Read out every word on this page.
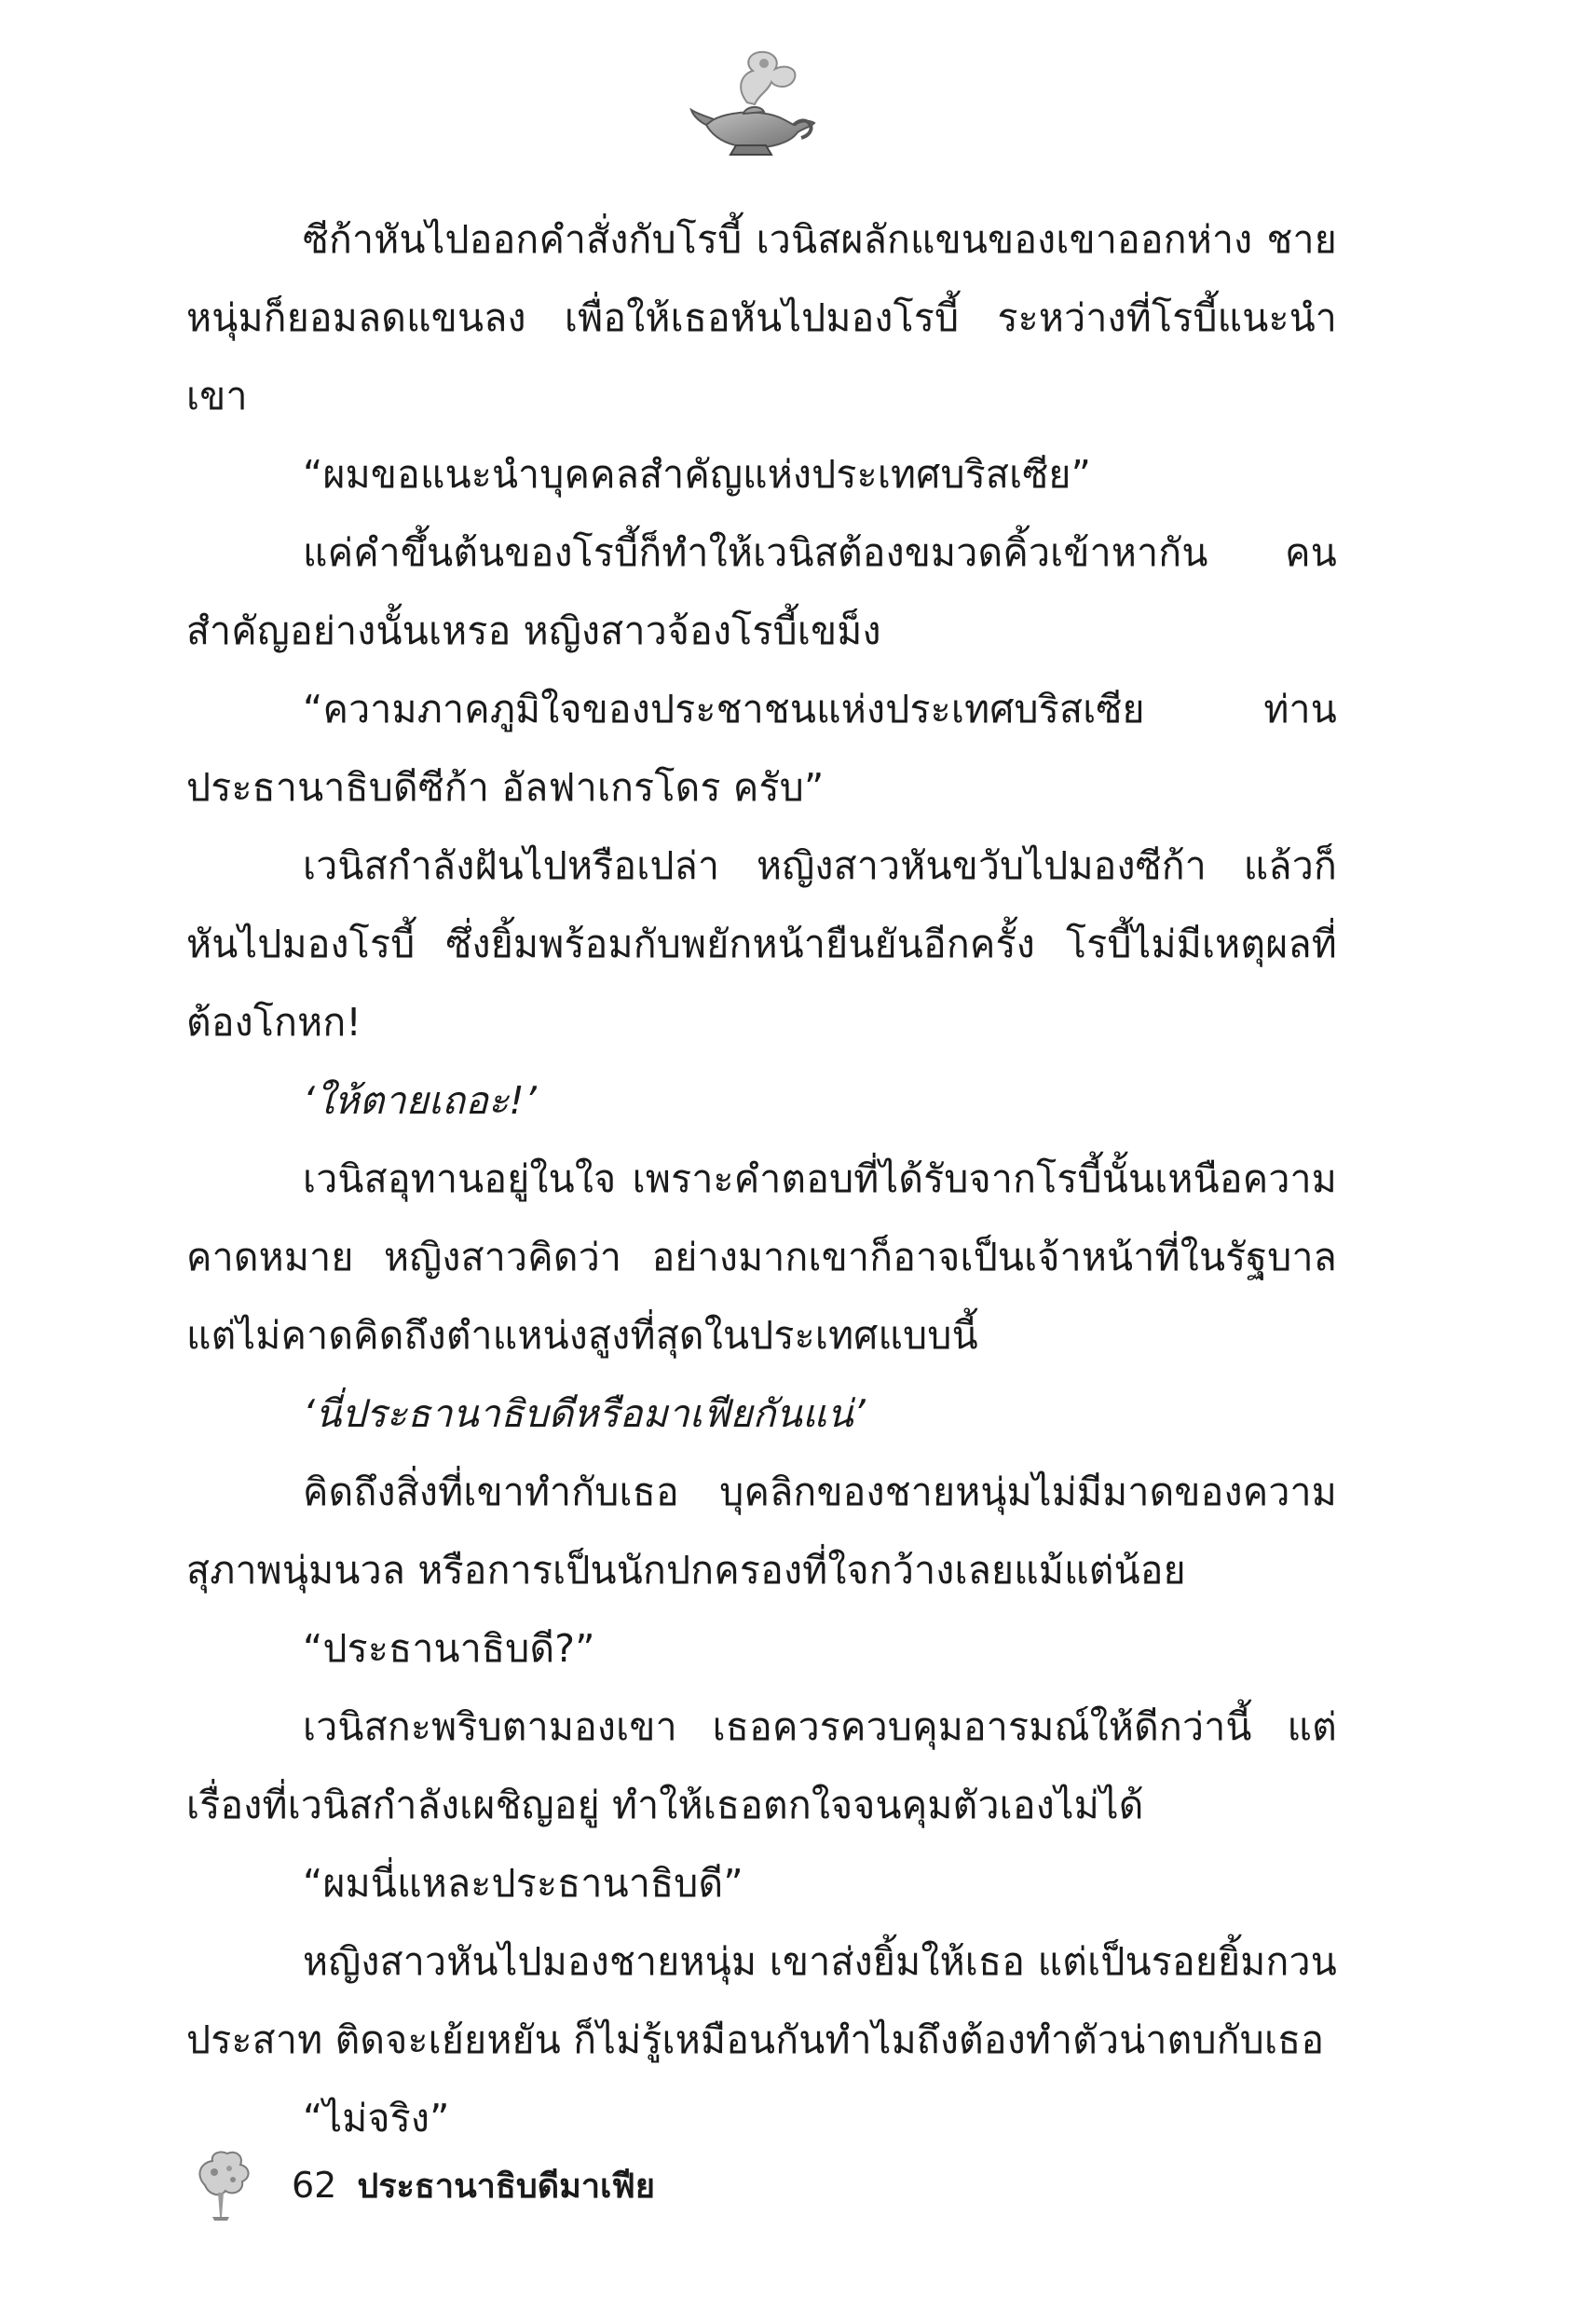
ซีก้าหันไปออกคำสั่งกับโรบี้ เวนิสผลักแขนของเขาออกห่าง ชายหนุ่มก็ยอมลดแขนลง เพื่อให้เธอหันไปมองโรบี้ ระหว่างที่โรบี้แนะนำเขา

“ผมขอแนะนำบุคคลสำคัญแห่งประเทศบริสเซีย”

แค่คำขึ้นต้นของโรบี้ก็ทำให้เวนิสต้องขมวดคิ้วเข้าหากัน คนสำคัญอย่างนั้นเหรอ หญิงสาวจ้องโรบี้เขม็ง

“ความภาคภูมิใจของประชาชนแห่งประเทศบริสเซีย ท่านประธานาธิบดีซีก้า อัลฟาเกรโดร ครับ”

เวนิสกำลังฝันไปหรือเปล่า หญิงสาวหันขวับไปมองซีก้า แล้วก็หันไปมองโรบี้ ซึ่งยิ้มพร้อมกับพยักหน้ายืนยันอีกครั้ง โรบี้ไม่มีเหตุผลที่ต้องโกหก!

‘ให้ตายเถอะ!’

เวนิสอุทานอยู่ในใจ เพราะคำตอบที่ได้รับจากโรบี้นั้นเหนือความคาดหมาย หญิงสาวคิดว่า อย่างมากเขาก็อาจเป็นเจ้าหน้าที่ในรัฐบาล แต่ไม่คาดคิดถึงตำแหน่งสูงที่สุดในประเทศแบบนี้

‘นี่ประธานาธิบดีหรือมาเฟียกันแน่’

คิดถึงสิ่งที่เขาทำกับเธอ บุคลิกของชายหนุ่มไม่มีมาดของความสุภาพนุ่มนวล หรือการเป็นนักปกครองที่ใจกว้างเลยแม้แต่น้อย

“ประธานาธิบดี?”

เวนิสกะพริบตามองเขา เธอควรควบคุมอารมณ์ให้ดีกว่านี้ แต่เรื่องที่เวนิสกำลังเผชิญอยู่ ทำให้เธอตกใจจนคุมตัวเองไม่ได้

“ผมนี่แหละประธานาธิบดี”

หญิงสาวหันไปมองชายหนุ่ม เขาส่งยิ้มให้เธอ แต่เป็นรอยยิ้มกวนประสาท ติดจะเย้ยหยัน ก็ไม่รู้เหมือนกันทำไมถึงต้องทำตัวน่าตบกับเธอ

“ไม่จริง”

62 ประธานาธิบดีมาเฟีย
